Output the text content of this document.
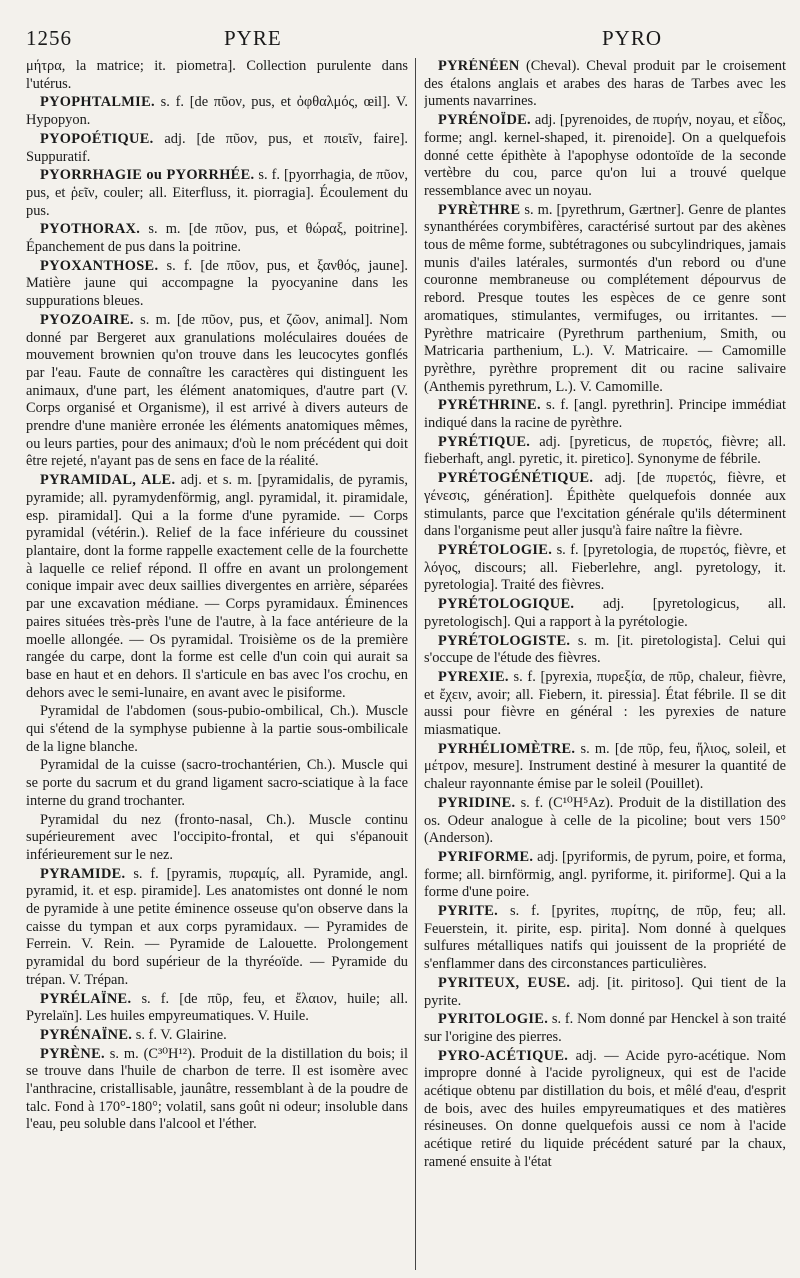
1256	PYRE	PYRO

μήτρα, la matrice; it. piometra]. Collection purulente dans l'utérus.

PYOPHTALMIE. s. f. [de πῦον, pus, et ὀφθαλμός, œil]. V. Hypopyon.

PYOPOÉTIQUE. adj. [de πῦον, pus, et ποιεῖν, faire]. Suppuratif.

PYORRHAGIE ou PYORRHÉE. s. f. [pyorrhagia, de πῦον, pus, et ῥεῖν, couler; all. Eiterfluss, it. piorragia]. Écoulement du pus.

PYOTHORAX. s. m. [de πῦον, pus, et θώραξ, poitrine]. Épanchement de pus dans la poitrine.

PYOXANTHOSE. s. f. [de πῦον, pus, et ξανθός, jaune]. Matière jaune qui accompagne la pyocyanine dans les suppurations bleues.

PYOZOAIRE. s. m. [de πῦον, pus, et ζῶον, animal]. Nom donné par Bergeret aux granulations moléculaires douées de mouvement brownien qu'on trouve dans les leucocytes gonflés par l'eau. Faute de connaître les caractères qui distinguent les animaux, d'une part, les élément anatomiques, d'autre part (V. Corps organisé et Organisme), il est arrivé à divers auteurs de prendre d'une manière erronée les éléments anatomiques mêmes, ou leurs parties, pour des animaux; d'où le nom précédent qui doit être rejeté, n'ayant pas de sens en face de la réalité.

PYRAMIDAL, ALE. adj. et s. m. [pyramidalis, de pyramis, pyramide; all. pyramydenförmig, angl. pyramidal, it. piramidale, esp. piramidal]. Qui a la forme d'une pyramide. — Corps pyramidal (vétérin.). Relief de la face inférieure du coussinet plantaire, dont la forme rappelle exactement celle de la fourchette à laquelle ce relief répond. Il offre en avant un prolongement conique impair avec deux saillies divergentes en arrière, séparées par une excavation médiane. — Corps pyramidaux. Éminences paires situées très-près l'une de l'autre, à la face antérieure de la moelle allongée. — Os pyramidal. Troisième os de la première rangée du carpe, dont la forme est celle d'un coin qui aurait sa base en haut et en dehors. Il s'articule en bas avec l'os crochu, en dehors avec le semi-lunaire, en avant avec le pisiforme.

Pyramidal de l'abdomen (sous-pubio-ombilical, Ch.). Muscle qui s'étend de la symphyse pubienne à la partie sous-ombilicale de la ligne blanche.

Pyramidal de la cuisse (sacro-trochantérien, Ch.). Muscle qui se porte du sacrum et du grand ligament sacro-sciatique à la face interne du grand trochanter.

Pyramidal du nez (fronto-nasal, Ch.). Muscle continu supérieurement avec l'occipito-frontal, et qui s'épanouit inférieurement sur le nez.

PYRAMIDE. s. f. [pyramis, πυραμίς, all. Pyramide, angl. pyramid, it. et esp. piramide]. Les anatomistes ont donné le nom de pyramide à une petite éminence osseuse qu'on observe dans la caisse du tympan et aux corps pyramidaux. — Pyramides de Ferrein. V. Rein. — Pyramide de Lalouette. Prolongement pyramidal du bord supérieur de la thyréoïde. — Pyramide du trépan. V. Trépan.

PYRÉLAÏNE. s. f. [de πῦρ, feu, et ἔλαιον, huile; all. Pyrelaïn]. Les huiles empyreumatiques. V. Huile.

PYRÉNAÏNE. s. f. V. Glairine.

PYRÈNE. s. m. (C³⁰H¹²). Produit de la distillation du bois; il se trouve dans l'huile de charbon de terre. Il est isomère avec l'anthracine, cristallisable, jaunâtre, ressemblant à de la poudre de talc. Fond à 170°-180°; volatil, sans goût ni odeur; insoluble dans l'eau, peu soluble dans l'alcool et l'éther.

PYRÉNÉEN (Cheval). Cheval produit par le croisement des étalons anglais et arabes des haras de Tarbes avec les juments navarrines.

PYRÉNOÏDE. adj. [pyrenoides, de πυρήν, noyau, et εἶδος, forme; angl. kernel-shaped, it. pirenoide]. On a quelquefois donné cette épithète à l'apophyse odontoïde de la seconde vertèbre du cou, parce qu'on lui a trouvé quelque ressemblance avec un noyau.

PYRÈTHRE s. m. [pyrethrum, Gærtner]. Genre de plantes synanthérées corymbifères, caractérisé surtout par des akènes tous de même forme, subtétragones ou subcylindriques, jamais munis d'ailes latérales, surmontés d'un rebord ou d'une couronne membraneuse ou complétement dépourvus de rebord. Presque toutes les espèces de ce genre sont aromatiques, stimulantes, vermifuges, ou irritantes. — Pyrèthre matricaire (Pyrethrum parthenium, Smith, ou Matricaria parthenium, L.). V. Matricaire. — Camomille pyrèthre, pyrèthre proprement dit ou racine salivaire (Anthemis pyrethrum, L.). V. Camomille.

PYRÉTHRINE. s. f. [angl. pyrethrin]. Principe immédiat indiqué dans la racine de pyrèthre.

PYRÉTIQUE. adj. [pyreticus, de πυρετός, fièvre; all. fieberhaft, angl. pyretic, it. piretico]. Synonyme de fébrile.

PYRÉTOGÉNÉTIQUE. adj. [de πυρετός, fièvre, et γένεσις, génération]. Épithète quelquefois donnée aux stimulants, parce que l'excitation générale qu'ils déterminent dans l'organisme peut aller jusqu'à faire naître la fièvre.

PYRÉTOLOGIE. s. f. [pyretologia, de πυρετός, fièvre, et λόγος, discours; all. Fieberlehre, angl. pyretology, it. pyretologia]. Traité des fièvres.

PYRÉTOLOGIQUE. adj. [pyretologicus, all. pyretologisch]. Qui a rapport à la pyrétologie.

PYRÉTOLOGISTE. s. m. [it. piretologista]. Celui qui s'occupe de l'étude des fièvres.

PYREXIE. s. f. [pyrexia, πυρεξία, de πῦρ, chaleur, fièvre, et ἔχειν, avoir; all. Fiebern, it. piressia]. État fébrile. Il se dit aussi pour fièvre en général : les pyrexies de nature miasmatique.

PYRHÉLIOMÈTRE. s. m. [de πῦρ, feu, ἥλιος, soleil, et μέτρον, mesure]. Instrument destiné à mesurer la quantité de chaleur rayonnante émise par le soleil (Pouillet).

PYRIDINE. s. f. (C¹⁰H⁵Az). Produit de la distillation des os. Odeur analogue à celle de la picoline; bout vers 150° (Anderson).

PYRIFORME. adj. [pyriformis, de pyrum, poire, et forma, forme; all. birnförmig, angl. pyriforme, it. piriforme]. Qui a la forme d'une poire.

PYRITE. s. f. [pyrites, πυρίτης, de πῦρ, feu; all. Feuerstein, it. pirite, esp. pirita]. Nom donné à quelques sulfures métalliques natifs qui jouissent de la propriété de s'enflammer dans des circonstances particulières.

PYRITEUX, EUSE. adj. [it. piritoso]. Qui tient de la pyrite.

PYRITOLOGIE. s. f. Nom donné par Henckel à son traité sur l'origine des pierres.

PYRO-ACÉTIQUE. adj. — Acide pyro-acétique. Nom impropre donné à l'acide pyroligneux, qui est de l'acide acétique obtenu par distillation du bois, et mêlé d'eau, d'esprit de bois, avec des huiles empyreumatiques et des matières résineuses. On donne quelquefois aussi ce nom à l'acide acétique retiré du liquide précédent saturé par la chaux, ramené ensuite à l'état
